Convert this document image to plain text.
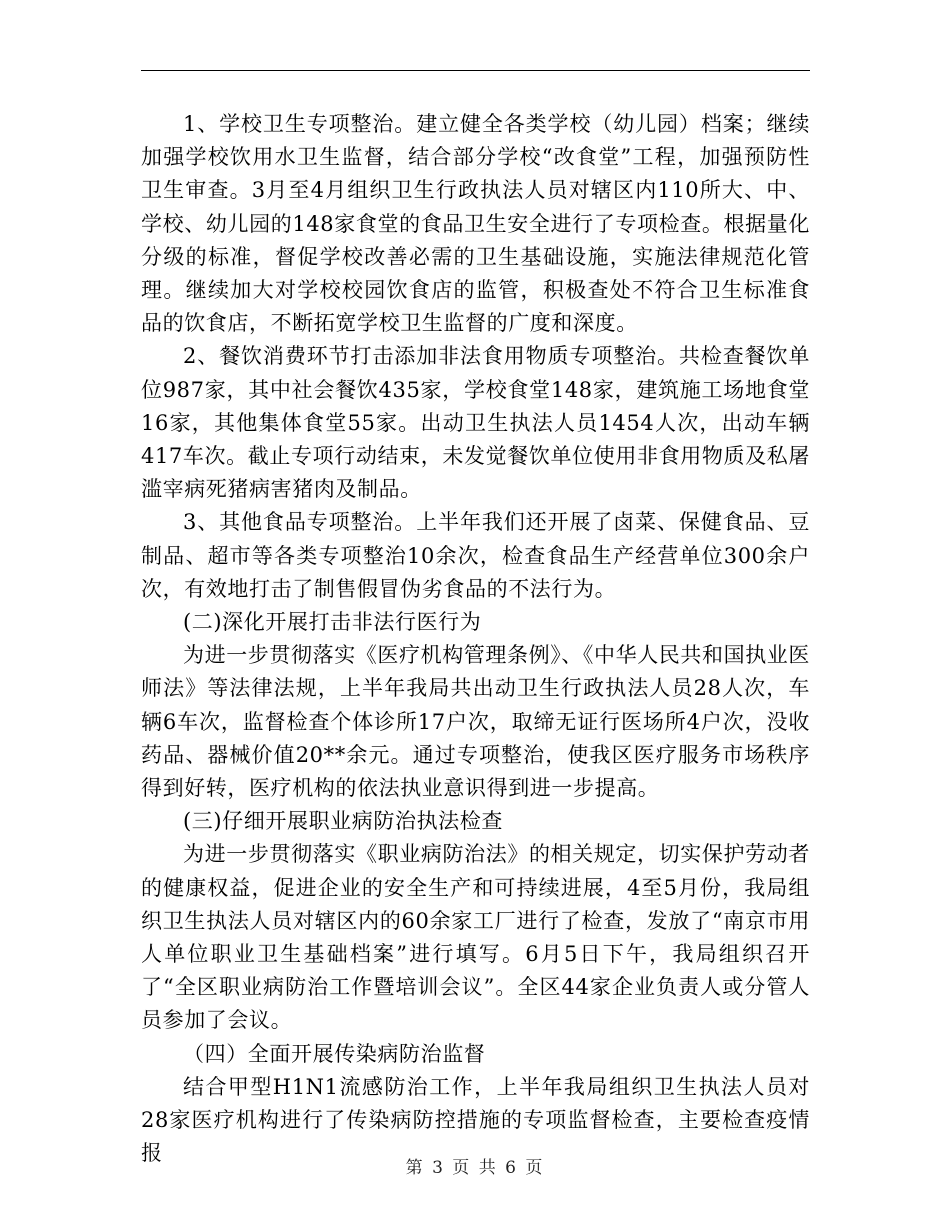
1、学校卫生专项整治。建立健全各类学校（幼儿园）档案；继续加强学校饮用水卫生监督，结合部分学校“改食堂”工程，加强预防性卫生审查。3月至4月组织卫生行政执法人员对辖区内110所大、中、学校、幼儿园的148家食堂的食品卫生安全进行了专项检查。根据量化分级的标准，督促学校改善必需的卫生基础设施，实施法律规范化管理。继续加大对学校校园饮食店的监管，积极查处不符合卫生标准食品的饮食店，不断拓宽学校卫生监督的广度和深度。

2、餐饮消费环节打击添加非法食用物质专项整治。共检查餐饮单位987家，其中社会餐饮435家，学校食堂148家，建筑施工场地食堂16家，其他集体食堂55家。出动卫生执法人员1454人次，出动车辆417车次。截止专项行动结束，未发觉餐饮单位使用非食用物质及私屠滥宰病死猪病害猪肉及制品。

3、其他食品专项整治。上半年我们还开展了卤菜、保健食品、豆制品、超市等各类专项整治10余次，检查食品生产经营单位300余户次，有效地打击了制售假冒伪劣食品的不法行为。

(二)深化开展打击非法行医行为

为进一步贯彻落实《医疗机构管理条例》、《中华人民共和国执业医师法》等法律法规，上半年我局共出动卫生行政执法人员28人次，车辆6车次，监督检查个体诊所17户次，取缔无证行医场所4户次，没收药品、器械价值20**余元。通过专项整治，使我区医疗服务市场秩序得到好转，医疗机构的依法执业意识得到进一步提高。

(三)仔细开展职业病防治执法检查

为进一步贯彻落实《职业病防治法》的相关规定，切实保护劳动者的健康权益，促进企业的安全生产和可持续进展，4至5月份，我局组织卫生执法人员对辖区内的60余家工厂进行了检查，发放了“南京市用人单位职业卫生基础档案”进行填写。6月5日下午，我局组织召开了“全区职业病防治工作暨培训会议”。全区44家企业负责人或分管人员参加了会议。

（四）全面开展传染病防治监督

结合甲型H1N1流感防治工作，上半年我局组织卫生执法人员对28家医疗机构进行了传染病防控措施的专项监督检查，主要检查疫情报

第 3 页 共 6 页
